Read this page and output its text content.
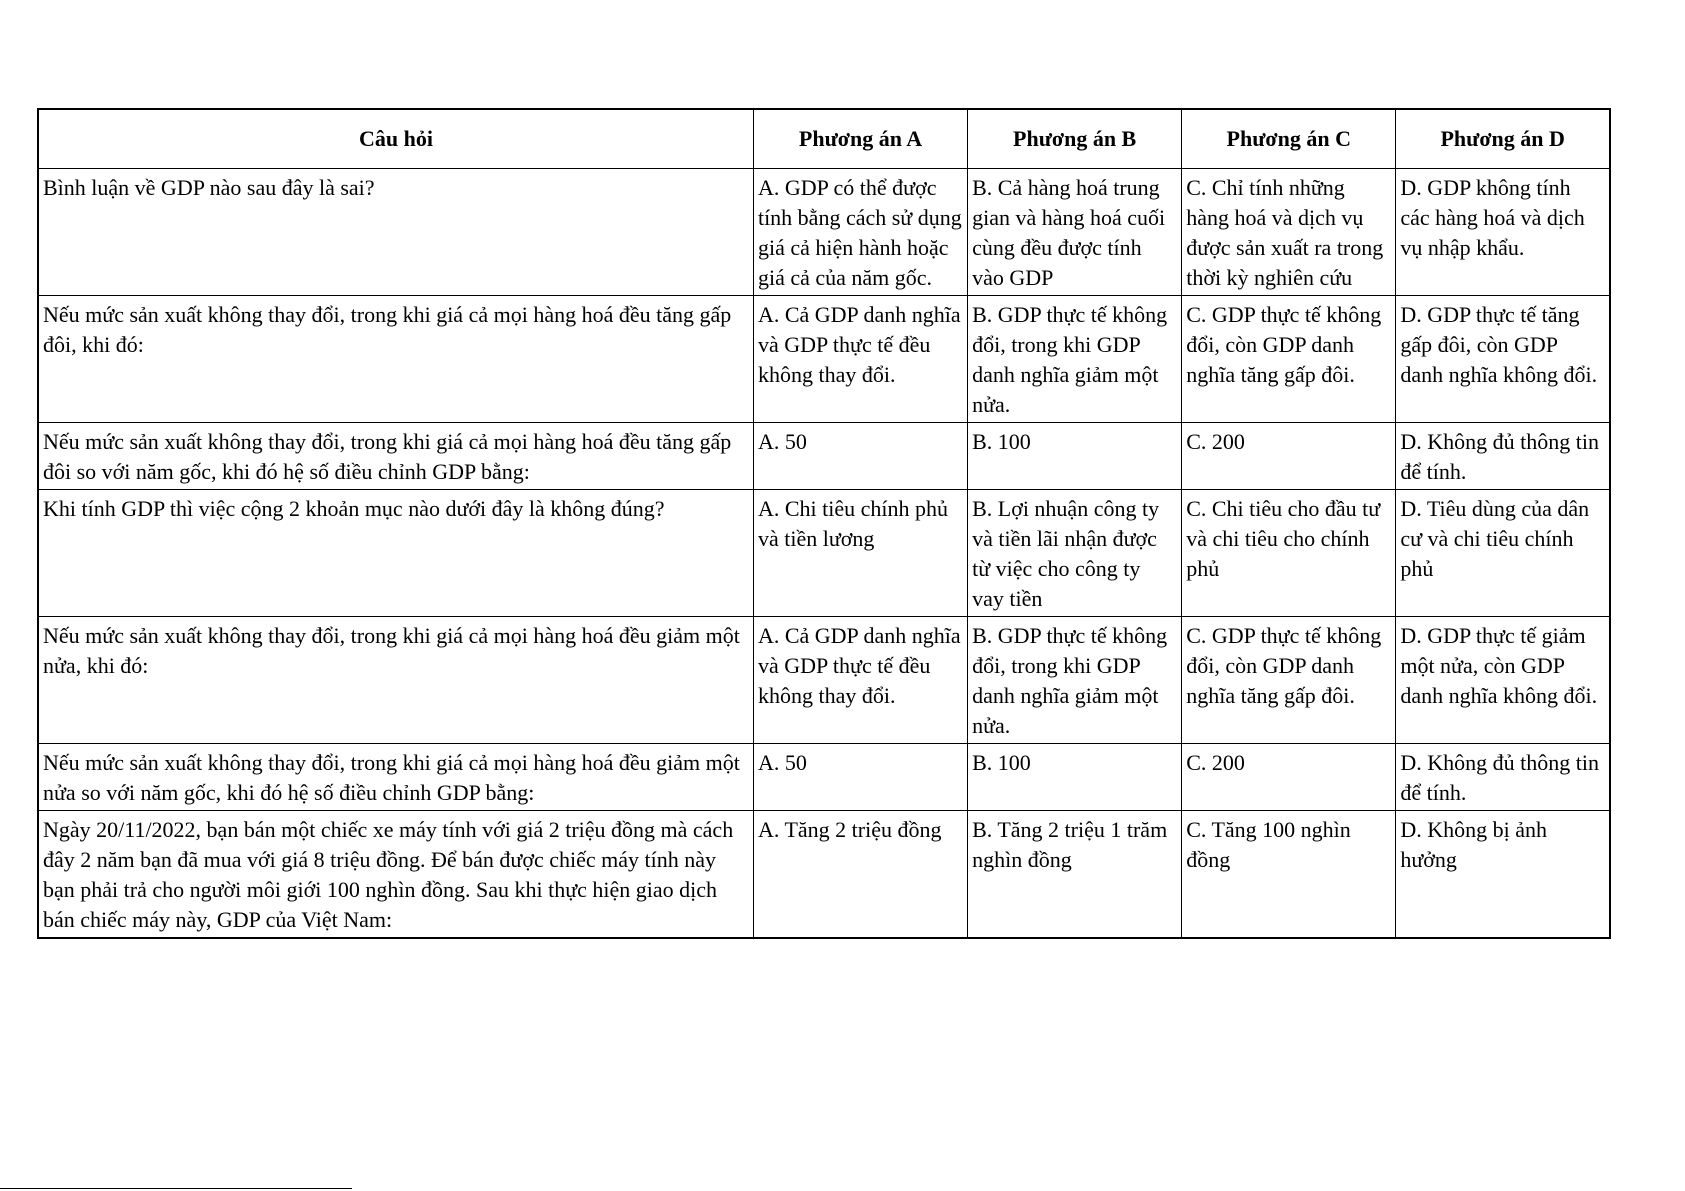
Câu hỏi	Phương án A	Phương án B	Phương án C	Phương án D
Bình luận về GDP nào sau đây là sai?	A. GDP có thể được tính bằng cách sử dụng giá cả hiện hành hoặc giá cả của năm gốc.	B. Cả hàng hoá trung gian và hàng hoá cuối cùng đều được tính vào GDP	C. Chỉ tính những hàng hoá và dịch vụ được sản xuất ra trong thời kỳ nghiên cứu	D. GDP không tính các hàng hoá và dịch vụ nhập khẩu.
Nếu mức sản xuất không thay đổi, trong khi giá cả mọi hàng hoá đều tăng gấp đôi, khi đó:	A. Cả GDP danh nghĩa và GDP thực tế đều không thay đổi.	B. GDP thực tế không đổi, trong khi GDP danh nghĩa giảm một nửa.	C. GDP thực tế không đổi, còn GDP danh nghĩa tăng gấp đôi.	D. GDP thực tế tăng gấp đôi, còn GDP danh nghĩa không đổi.
Nếu mức sản xuất không thay đổi, trong khi giá cả mọi hàng hoá đều tăng gấp đôi so với năm gốc, khi đó hệ số điều chỉnh GDP bằng:	A. 50	B. 100	C. 200	D. Không đủ thông tin để tính.
Khi tính GDP thì việc cộng 2 khoản mục nào dưới đây là không đúng?	A. Chi tiêu chính phủ và tiền lương	B. Lợi nhuận công ty và tiền lãi nhận được từ việc cho công ty vay tiền	C. Chi tiêu cho đầu tư và chi tiêu cho chính phủ	D. Tiêu dùng của dân cư và chi tiêu chính phủ
Nếu mức sản xuất không thay đổi, trong khi giá cả mọi hàng hoá đều giảm một nửa, khi đó:	A. Cả GDP danh nghĩa và GDP thực tế đều không thay đổi.	B. GDP thực tế không đổi, trong khi GDP danh nghĩa giảm một nửa.	C. GDP thực tế không đổi, còn GDP danh nghĩa tăng gấp đôi.	D. GDP thực tế giảm một nửa, còn GDP danh nghĩa không đổi.
Nếu mức sản xuất không thay đổi, trong khi giá cả mọi hàng hoá đều giảm một nửa so với năm gốc, khi đó hệ số điều chỉnh GDP bằng:	A. 50	B. 100	C. 200	D. Không đủ thông tin để tính.
Ngày 20/11/2022, bạn bán một chiếc xe máy tính với giá 2 triệu đồng mà cách đây 2 năm bạn đã mua với giá 8 triệu đồng. Để bán được chiếc máy tính này bạn phải trả cho người môi giới 100 nghìn đồng. Sau khi thực hiện giao dịch bán chiếc máy này, GDP của Việt Nam:	A. Tăng 2 triệu đồng	B. Tăng 2 triệu 1 trăm nghìn đồng	C. Tăng 100 nghìn đồng	D. Không bị ảnh hưởng
